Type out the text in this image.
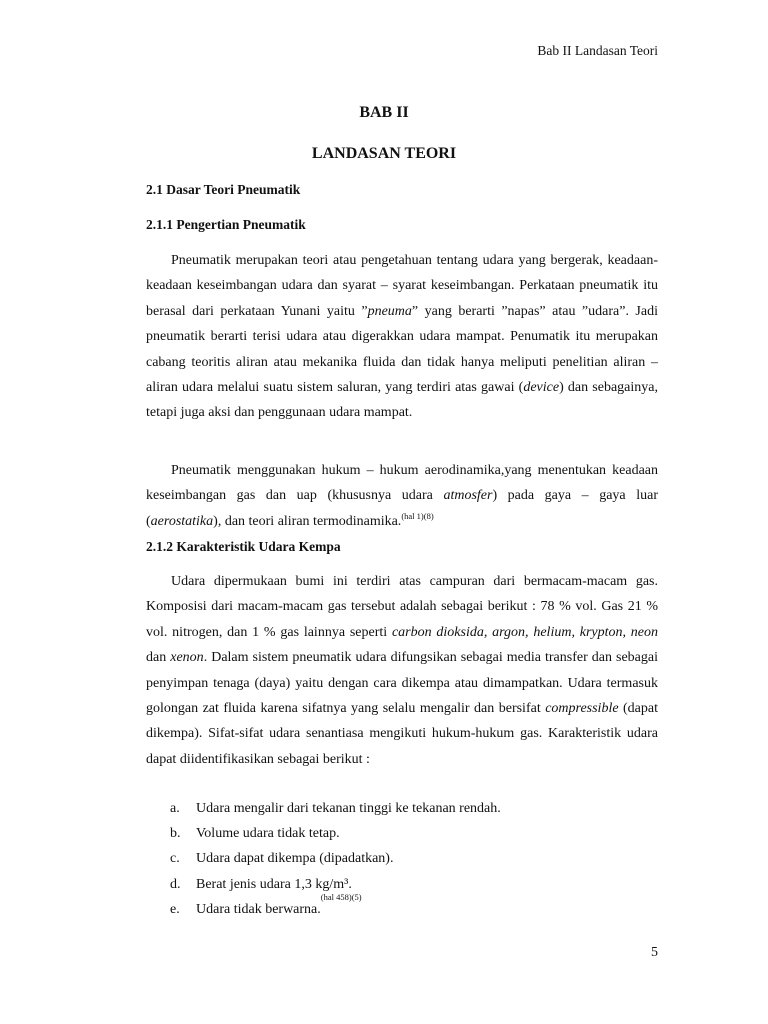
Bab II Landasan Teori
BAB II
LANDASAN TEORI
2.1 Dasar Teori Pneumatik
2.1.1 Pengertian Pneumatik

Pneumatik merupakan teori atau pengetahuan tentang udara yang bergerak, keadaan-keadaan keseimbangan udara dan syarat – syarat keseimbangan. Perkataan pneumatik itu berasal dari perkataan Yunani yaitu ”pneuma” yang berarti ”napas” atau ”udara”. Jadi pneumatik berarti terisi udara atau digerakkan udara mampat. Penumatik itu merupakan cabang teoritis aliran atau mekanika fluida dan tidak hanya meliputi penelitian aliran – aliran udara melalui suatu sistem saluran, yang terdiri atas gawai (device) dan sebagainya, tetapi juga aksi dan penggunaan udara mampat.

Pneumatik menggunakan hukum – hukum aerodinamika,yang menentukan keadaan keseimbangan gas dan uap (khususnya udara atmosfer) pada gaya – gaya luar (aerostatika), dan teori aliran termodinamika.$^{(hal 1)(8)}$

2.1.2 Karakteristik Udara Kempa

Udara dipermukaan bumi ini terdiri atas campuran dari bermacam-macam gas. Komposisi dari macam-macam gas tersebut adalah sebagai berikut : 78 % vol. Gas 21 % vol. nitrogen, dan 1 % gas lainnya seperti carbon dioksida, argon, helium, krypton, neon dan xenon. Dalam sistem pneumatik udara difungsikan sebagai media transfer dan sebagai penyimpan tenaga (daya) yaitu dengan cara dikempa atau dimampatkan. Udara termasuk golongan zat fluida karena sifatnya yang selalu mengalir dan bersifat compressible (dapat dikempa). Sifat-sifat udara senantiasa mengikuti hukum-hukum gas. Karakteristik udara dapat diidentifikasikan sebagai berikut :

a.	Udara mengalir dari tekanan tinggi ke tekanan rendah.
b.	Volume udara tidak tetap.
c.	Udara dapat dikempa (dipadatkan).
d.	Berat jenis udara 1,3 kg/m³.
e.	Udara tidak berwarna.
(hal 458)(5)
5
